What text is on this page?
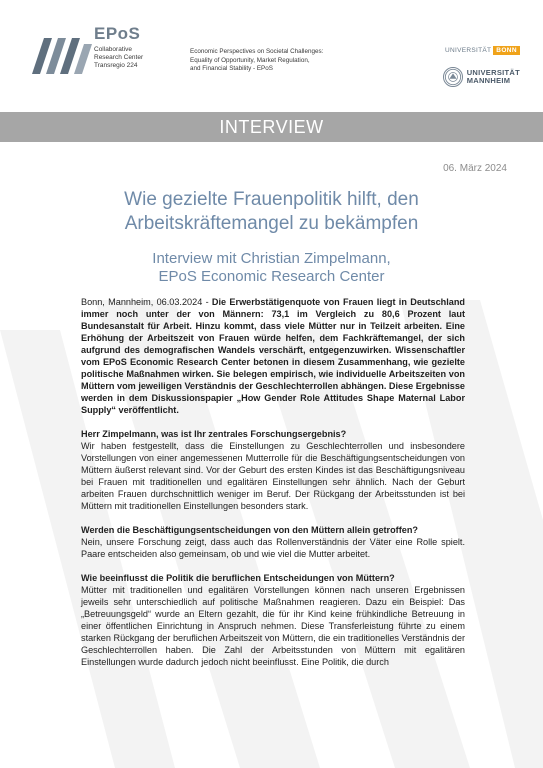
EPoS
Collaborative
Research Center
Transregio 224
Economic Perspectives on Societal Challenges:
Equality of Opportunity, Market Regulation,
and Financial Stability - EPoS
UNIVERSITÄT BONN
UNIVERSITÄT
MANNHEIM
INTERVIEW
06. März 2024
Wie gezielte Frauenpolitik hilft, den
Arbeitskräftemangel zu bekämpfen
Interview mit Christian Zimpelmann,
EPoS Economic Research Center

Bonn, Mannheim, 06.03.2024 - Die Erwerbstätigenquote von Frauen liegt in Deutschland immer noch unter der von Männern: 73,1 im Vergleich zu 80,6 Prozent laut Bundesanstalt für Arbeit. Hinzu kommt, dass viele Mütter nur in Teilzeit arbeiten. Eine Erhöhung der Arbeitszeit von Frauen würde helfen, dem Fachkräftemangel, der sich aufgrund des demografischen Wandels verschärft, entgegenzuwirken. Wissenschaftler vom EPoS Economic Research Center betonen in diesem Zusammenhang, wie gezielte politische Maßnahmen wirken. Sie belegen empirisch, wie individuelle Arbeitszeiten von Müttern vom jeweiligen Verständnis der Geschlechterrollen abhängen. Diese Ergebnisse werden in dem Diskussionspapier „How Gender Role Attitudes Shape Maternal Labor Supply“ veröffentlicht.

Herr Zimpelmann, was ist Ihr zentrales Forschungsergebnis?

Wir haben festgestellt, dass die Einstellungen zu Geschlechterrollen und insbesondere Vorstellungen von einer angemessenen Mutterrolle für die Beschäftigungsentscheidungen von Müttern äußerst relevant sind. Vor der Geburt des ersten Kindes ist das Beschäftigungsniveau bei Frauen mit traditionellen und egalitären Einstellungen sehr ähnlich. Nach der Geburt arbeiten Frauen durchschnittlich weniger im Beruf. Der Rückgang der Arbeitsstunden ist bei Müttern mit traditionellen Einstellungen besonders stark.

Werden die Beschäftigungsentscheidungen von den Müttern allein getroffen?

Nein, unsere Forschung zeigt, dass auch das Rollenverständnis der Väter eine Rolle spielt. Paare entscheiden also gemeinsam, ob und wie viel die Mutter arbeitet.

Wie beeinflusst die Politik die beruflichen Entscheidungen von Müttern?

Mütter mit traditionellen und egalitären Vorstellungen können nach unseren Ergebnissen jeweils sehr unterschiedlich auf politische Maßnahmen reagieren. Dazu ein Beispiel: Das „Betreuungsgeld“ wurde an Eltern gezahlt, die für ihr Kind keine frühkindliche Betreuung in einer öffentlichen Einrichtung in Anspruch nehmen. Diese Transferleistung führte zu einem starken Rückgang der beruflichen Arbeitszeit von Müttern, die ein traditionelles Verständnis der Geschlechterrollen haben. Die Zahl der Arbeitsstunden von Müttern mit egalitären Einstellungen wurde dadurch jedoch nicht beeinflusst. Eine Politik, die durch
